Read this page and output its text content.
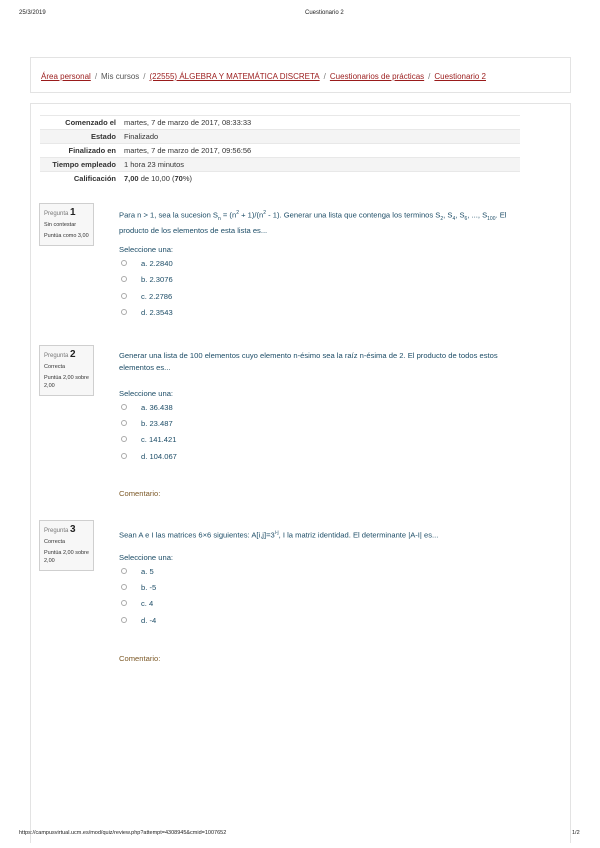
25/3/2019	Cuestionario 2
Área personal / Mis cursos / (22555) ÁLGEBRA Y MATEMÁTICA DISCRETA / Cuestionarios de prácticas / Cuestionario 2
Comenzado el	martes, 7 de marzo de 2017, 08:33:33
Estado	Finalizado
Finalizado en	martes, 7 de marzo de 2017, 09:56:56
Tiempo empleado	1 hora 23 minutos
Calificación	7,00 de 10,00 (70%)
Pregunta 1
Sin contestar
Puntúa como 3,00
Para n > 1, sea la sucesion $S_n = (n^2 + 1)/(n^2 - 1)$. Generar una lista que contenga los terminos $S_2$, $S_4$, $S_6$, ..., $S_{100}$. El producto de los elementos de esta lista es...
Seleccione una:
a. 2.2840
b. 2.3076
c. 2.2786
d. 2.3543
Pregunta 2
Correcta
Puntúa 2,00 sobre 2,00
Generar una lista de 100 elementos cuyo elemento n-ésimo sea la raíz n-ésima de 2. El producto de todos estos elementos es...
Seleccione una:
a. 36.438
b. 23.487
c. 141.421
d. 104.067
Comentario:
Pregunta 3
Correcta
Puntúa 2,00 sobre 2,00
Sean A e I las matrices 6×6 siguientes: $A[i,j]=3^{i-j}$, I la matriz identidad. El determinante |A-I| es...
Seleccione una:
a. 5
b. -5
c. 4
d. -4
Comentario:
https://campusvirtual.ucm.es/mod/quiz/review.php?attempt=4308945&cmid=1007652	1/2
